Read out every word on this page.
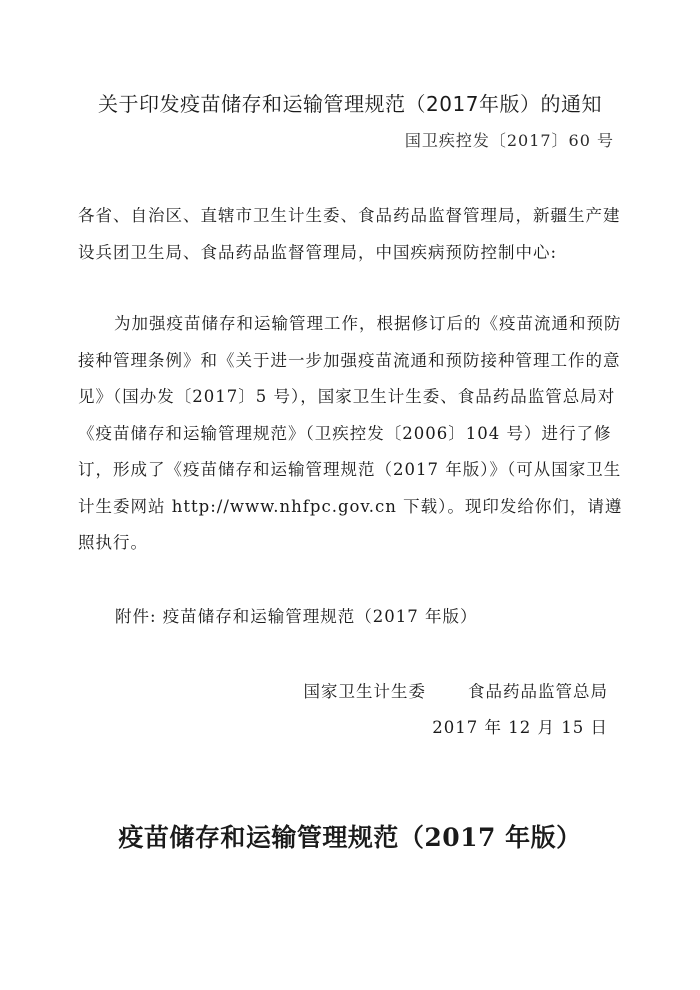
关于印发疫苗储存和运输管理规范（2017年版）的通知
国卫疾控发〔2017〕60 号
各省、自治区、直辖市卫生计生委、食品药品监督管理局，新疆生产建设兵团卫生局、食品药品监督管理局，中国疾病预防控制中心:
为加强疫苗储存和运输管理工作，根据修订后的《疫苗流通和预防接种管理条例》和《关于进一步加强疫苗流通和预防接种管理工作的意见》（国办发〔2017〕5 号），国家卫生计生委、食品药品监管总局对《疫苗储存和运输管理规范》（卫疾控发〔2006〕104 号）进行了修订，形成了《疫苗储存和运输管理规范（2017 年版）》（可从国家卫生计生委网站 http://www.nhfpc.gov.cn 下载）。现印发给你们，请遵照执行。
附件: 疫苗储存和运输管理规范（2017 年版）
国家卫生计生委	食品药品监管总局
2017 年 12 月 15 日
疫苗储存和运输管理规范（2017 年版）
